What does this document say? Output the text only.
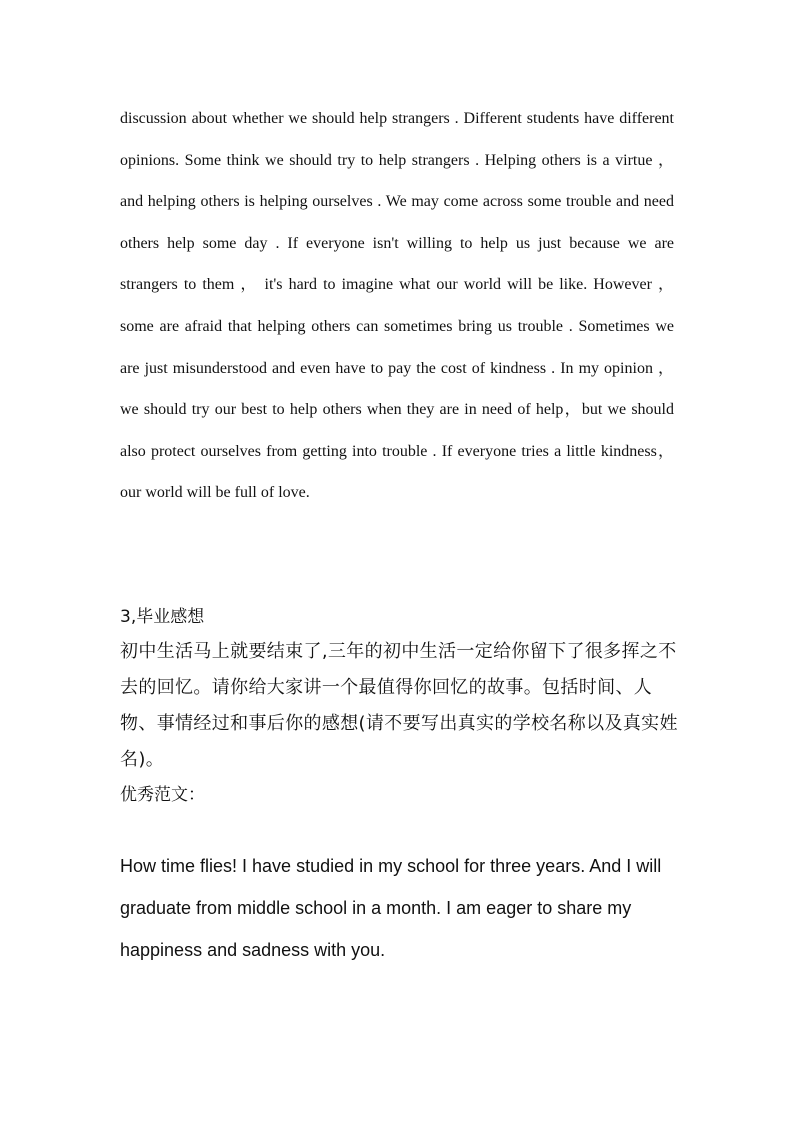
discussion about whether we should help strangers . Different students have different opinions. Some think we should try to help strangers . Helping others is a virtue ， and helping others is helping ourselves . We may come across some trouble and need others help some day . If everyone isn't willing to help us just because we are strangers to them ， it's hard to imagine what our world will be like. However ， some are afraid that helping others can sometimes bring us trouble . Sometimes we are just misunderstood and even have to pay the cost of kindness . In my opinion ， we should try our best to help others when they are in need of help，but we should also protect ourselves from getting into trouble . If everyone tries a little kindness， our world will be full of love.

3,毕业感想

初中生活马上就要结束了,三年的初中生活一定给你留下了很多挥之不去的回忆。请你给大家讲一个最值得你回忆的故事。包括时间、人物、事情经过和事后你的感想(请不要写出真实的学校名称以及真实姓名)。

优秀范文：

How time flies! I have studied in my school for three years. And I will graduate from middle school in a month. I am eager to share my happiness and sadness with you.
